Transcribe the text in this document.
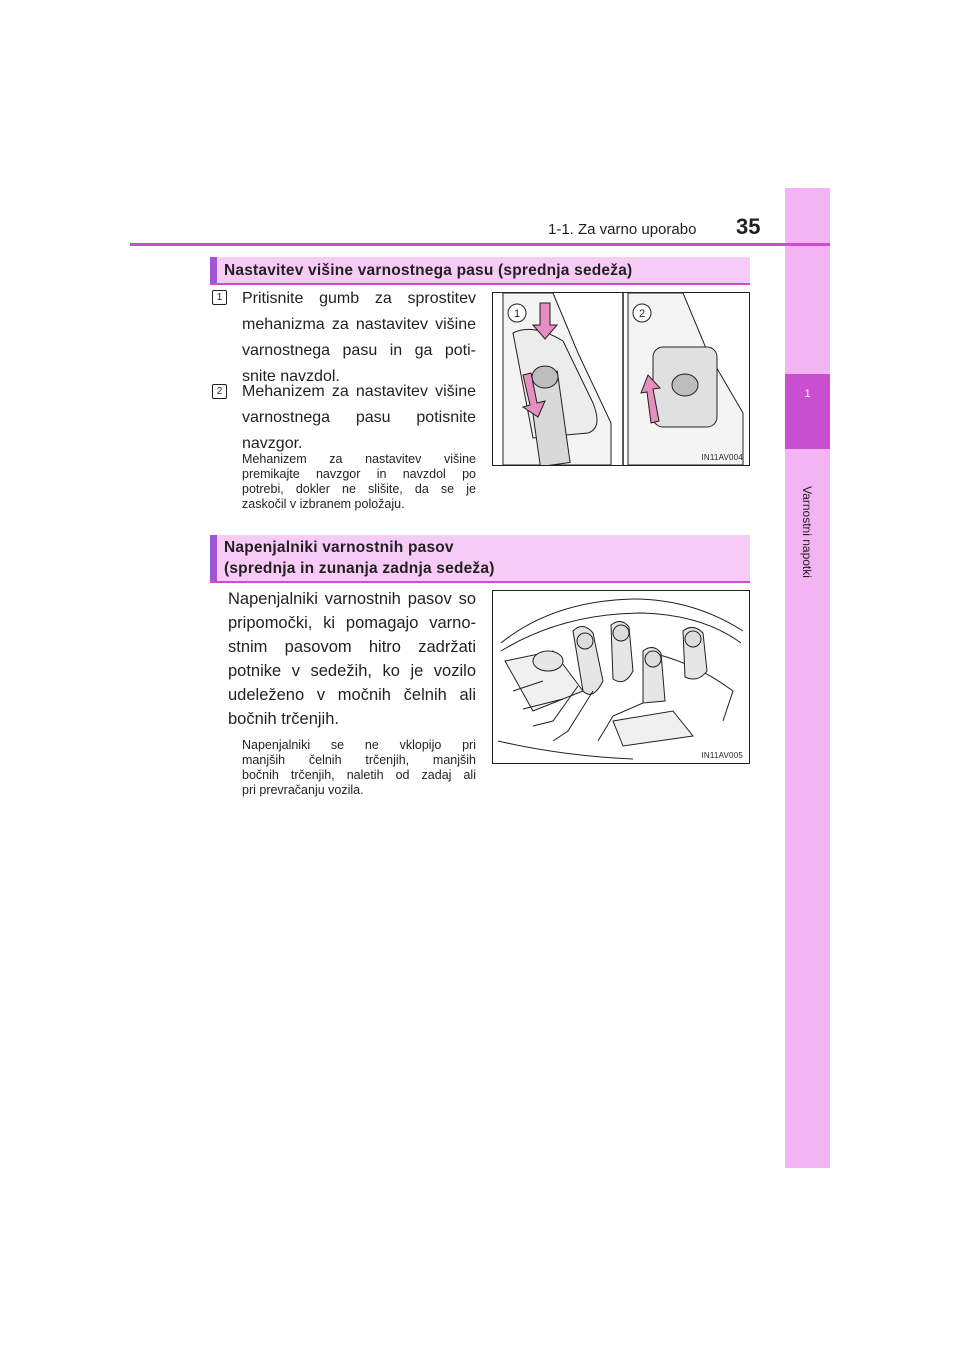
1
Varnostni napotki
1-1. Za varno uporabo 35
Nastavitev višine varnostnega pasu (sprednja sedeža)
1 Pritisnite gumb za sprostitev
mehanizma za nastavitev višine
varnostnega pasu in ga poti-
snite navzdol.
2 Mehanizem za nastavitev višine
varnostnega pasu potisnite
navzgor.
Mehanizem za nastavitev višine
premikajte navzgor in navzdol po
potrebi, dokler ne slišite, da se je
zaskočil v izbranem položaju.
1	2
IN11AV004
Napenjalniki varnostnih pasov
(sprednja in zunanja zadnja sedeža)
Napenjalniki varnostnih pasov so
pripomočki, ki pomagajo varno-
stnim pasovom hitro zadržati
potnike v sedežih, ko je vozilo
udeleženo v močnih čelnih ali
bočnih trčenjih.
Napenjalniki se ne vklopijo pri
manjših čelnih trčenjih, manjših
bočnih trčenjih, naletih od zadaj ali
pri prevračanju vozila.
IN11AV005
